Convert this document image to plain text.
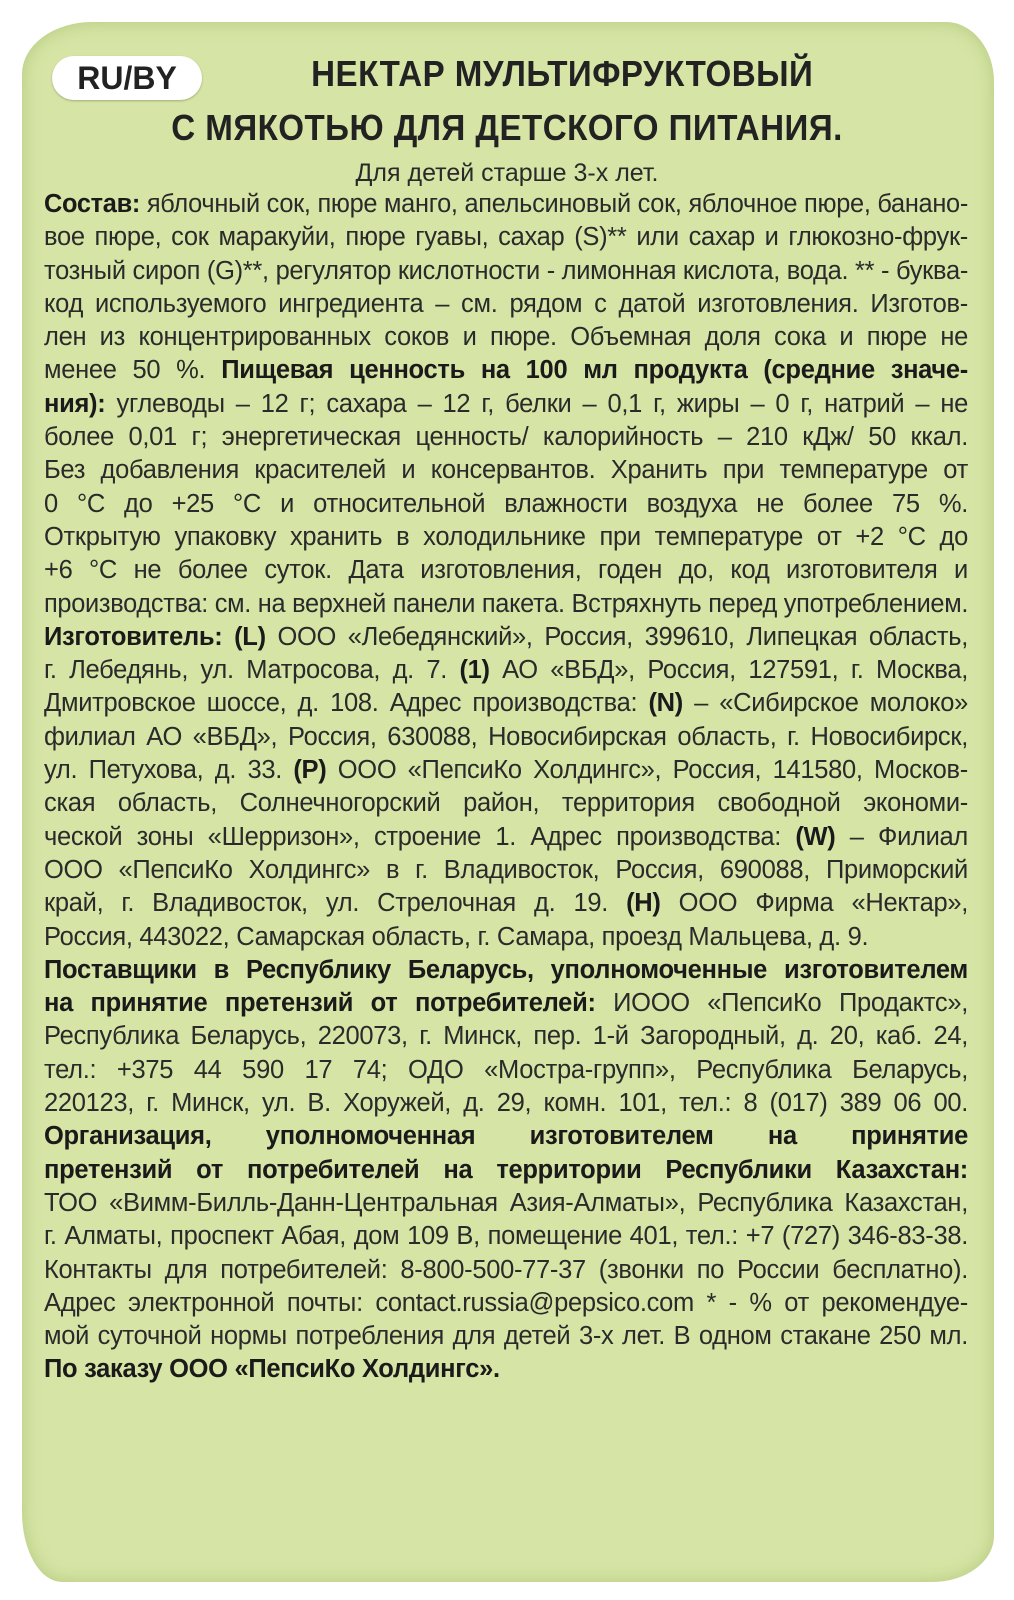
RU/BY	НЕКТАР МУЛЬТИФРУКТОВЫЙ
С МЯКОТЬЮ ДЛЯ ДЕТСКОГО ПИТАНИЯ.
Для детей старше 3-х лет.
Состав: яблочный сок, пюре манго, апельсиновый сок, яблочное пюре, банано-
вое пюре, сок маракуйи, пюре гуавы, сахар (S)** или сахар и глюкозно-фрук-
тозный сироп (G)**, регулятор кислотности - лимонная кислота, вода. ** - буква-
код используемого ингредиента – см. рядом с датой изготовления. Изготов-
лен из концентрированных соков и пюре. Объемная доля сока и пюре не
менее 50 %. Пищевая ценность на 100 мл продукта (средние значе-
ния): углеводы – 12 г; сахара – 12 г, белки – 0,1 г, жиры – 0 г, натрий – не
более 0,01 г; энергетическая ценность/ калорийность – 210 кДж/ 50 ккал.
Без добавления красителей и консервантов. Хранить при температуре от
0 °С до +25 °С и относительной влажности воздуха не более 75 %.
Открытую упаковку хранить в холодильнике при температуре от +2 °С до
+6 °С не более суток. Дата изготовления, годен до, код изготовителя и
производства: см. на верхней панели пакета. Встряхнуть перед употреблением.
Изготовитель: (L) ООО «Лебедянский», Россия, 399610, Липецкая область,
г. Лебедянь, ул. Матросова, д. 7. (1) АО «ВБД», Россия, 127591, г. Москва,
Дмитровское шоссе, д. 108. Адрес производства: (N) – «Сибирское молоко»
филиал АО «ВБД», Россия, 630088, Новосибирская область, г. Новосибирск,
ул. Петухова, д. 33. (P) ООО «ПепсиКо Холдингс», Россия, 141580, Москов-
ская область, Солнечногорский район, территория свободной экономи-
ческой зоны «Шерризон», строение 1. Адрес производства: (W) – Филиал
ООО «ПепсиКо Холдингс» в г. Владивосток, Россия, 690088, Приморский
край, г. Владивосток, ул. Стрелочная д. 19. (Н) ООО Фирма «Нектар»,
Россия, 443022, Самарская область, г. Самара, проезд Мальцева, д. 9.
Поставщики в Республику Беларусь, уполномоченные изготовителем
на принятие претензий от потребителей: ИООО «ПепсиКо Продактс»,
Республика Беларусь, 220073, г. Минск, пер. 1-й Загородный, д. 20, каб. 24,
тел.: +375 44 590 17 74; ОДО «Мостра-групп», Республика Беларусь,
220123, г. Минск, ул. В. Хоружей, д. 29, комн. 101, тел.: 8 (017) 389 06 00.
Организация, уполномоченная изготовителем на принятие
претензий от потребителей на территории Республики Казахстан:
ТОО «Вимм-Билль-Данн-Центральная Азия-Алматы», Республика Казахстан,
г. Алматы, проспект Абая, дом 109 В, помещение 401, тел.: +7 (727) 346-83-38.
Контакты для потребителей: 8-800-500-77-37 (звонки по России бесплатно).
Адрес электронной почты: contact.russia@pepsico.com * - % от рекомендуе-
мой суточной нормы потребления для детей 3-х лет. В одном стакане 250 мл.
По заказу ООО «ПепсиКо Холдингс».
